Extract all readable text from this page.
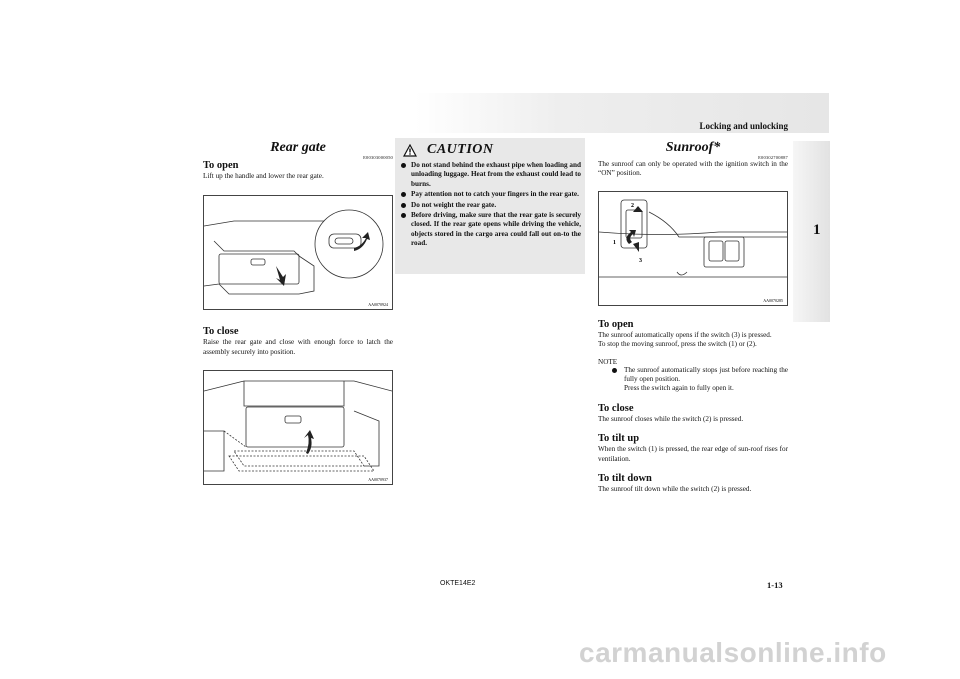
Locking and unlocking
1
Rear gate
E00303000050
To open

Lift up the handle and lower the rear gate.

AA0070924
To close

Raise the rear gate and close with enough force to latch the assembly securely into position.

AA0070937
CAUTION
Do not stand behind the exhaust pipe when loading and unloading luggage. Heat from the exhaust could lead to burns.
Pay attention not to catch your fingers in the rear gate.
Do not weight the rear gate.
Before driving, make sure that the rear gate is securely closed. If the rear gate opens while driving the vehicle, objects stored in the cargo area could fall out on-to the road.
Sunroof*
E00302700887

The sunroof can only be operated with the ignition switch in the “ON” position.

2
1
3
AA0070285
To open

The sunroof automatically opens if the switch (3) is pressed.

To stop the moving sunroof, press the switch (1) or (2).

NOTE
The sunroof automatically stops just before reaching the fully open position.
Press the switch again to fully open it.
To close

The sunroof closes while the switch (2) is pressed.

To tilt up

When the switch (1) is pressed, the rear edge of sun-roof rises for ventilation.

To tilt down

The sunroof tilt down while the switch (2) is pressed.

OKTE14E2	1-13
carmanualsonline.info
